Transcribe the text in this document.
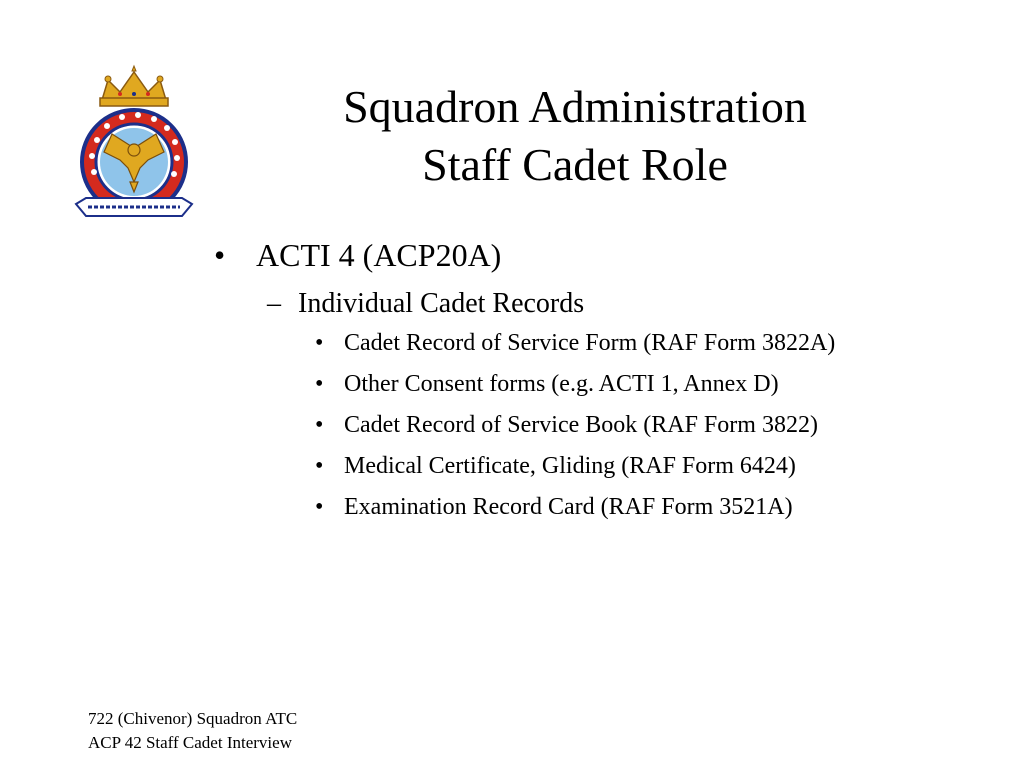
Squadron Administration
Staff Cadet Role

• ACTI 4 (ACP20A)

– Individual Cadet Records

• Cadet Record of Service Form (RAF Form 3822A)
• Other Consent forms (e.g. ACTI 1, Annex D)
• Cadet Record of Service Book (RAF Form 3822)
• Medical Certificate, Gliding (RAF Form 6424)
• Examination Record Card (RAF Form 3521A)
722 (Chivenor) Squadron ATC
ACP 42 Staff Cadet Interview
